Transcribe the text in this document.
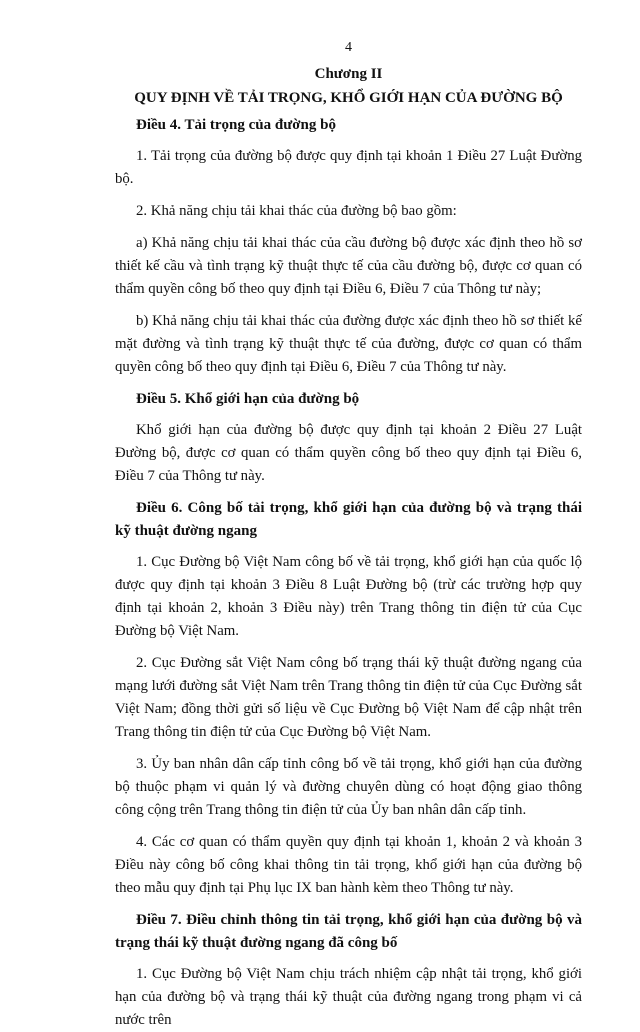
4

Chương II

QUY ĐỊNH VỀ TẢI TRỌNG, KHỔ GIỚI HẠN CỦA ĐƯỜNG BỘ

Điều 4. Tải trọng của đường bộ

1. Tải trọng của đường bộ được quy định tại khoản 1 Điều 27 Luật Đường bộ.

2. Khả năng chịu tải khai thác của đường bộ bao gồm:

a) Khả năng chịu tải khai thác của cầu đường bộ được xác định theo hồ sơ thiết kế cầu và tình trạng kỹ thuật thực tế của cầu đường bộ, được cơ quan có thẩm quyền công bố theo quy định tại Điều 6, Điều 7 của Thông tư này;

b) Khả năng chịu tải khai thác của đường được xác định theo hồ sơ thiết kế mặt đường và tình trạng kỹ thuật thực tế của đường, được cơ quan có thẩm quyền công bố theo quy định tại Điều 6, Điều 7 của Thông tư này.

Điều 5. Khổ giới hạn của đường bộ

Khổ giới hạn của đường bộ được quy định tại khoản 2 Điều 27 Luật Đường bộ, được cơ quan có thẩm quyền công bố theo quy định tại Điều 6, Điều 7 của Thông tư này.

Điều 6. Công bố tải trọng, khổ giới hạn của đường bộ và trạng thái kỹ thuật đường ngang

1. Cục Đường bộ Việt Nam công bố về tải trọng, khổ giới hạn của quốc lộ được quy định tại khoản 3 Điều 8 Luật Đường bộ (trừ các trường hợp quy định tại khoản 2, khoản 3 Điều này) trên Trang thông tin điện tử của Cục Đường bộ Việt Nam.

2. Cục Đường sắt Việt Nam công bố trạng thái kỹ thuật đường ngang của mạng lưới đường sắt Việt Nam trên Trang thông tin điện tử của Cục Đường sắt Việt Nam; đồng thời gửi số liệu về Cục Đường bộ Việt Nam để cập nhật trên Trang thông tin điện tử của Cục Đường bộ Việt Nam.

3. Ủy ban nhân dân cấp tỉnh công bố về tải trọng, khổ giới hạn của đường bộ thuộc phạm vi quản lý và đường chuyên dùng có hoạt động giao thông công cộng trên Trang thông tin điện tử của Ủy ban nhân dân cấp tỉnh.

4. Các cơ quan có thẩm quyền quy định tại khoản 1, khoản 2 và khoản 3 Điều này công bố công khai thông tin tải trọng, khổ giới hạn của đường bộ theo mẫu quy định tại Phụ lục IX ban hành kèm theo Thông tư này.

Điều 7. Điều chỉnh thông tin tải trọng, khổ giới hạn của đường bộ và trạng thái kỹ thuật đường ngang đã công bố

1. Cục Đường bộ Việt Nam chịu trách nhiệm cập nhật tải trọng, khổ giới hạn của đường bộ và trạng thái kỹ thuật của đường ngang trong phạm vi cả nước trên
